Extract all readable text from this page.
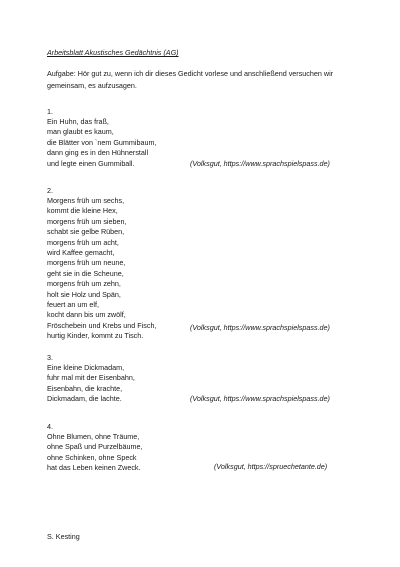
Arbeitsblatt Akustisches Gedächtnis (AG)
Aufgabe: Hör gut zu, wenn ich dir dieses Gedicht vorlese und anschließend versuchen wir gemeinsam, es aufzusagen.
1.
Ein Huhn, das fraß,
man glaubt es kaum,
die Blätter von `nem Gummibaum,
dann ging es in den Hühnerstall
und legte einen Gummiball.	(Volksgut, https://www.sprachspielspass.de)
2.
Morgens früh um sechs,
kommt die kleine Hex,
morgens früh um sieben,
schabt sie gelbe Rüben,
morgens früh um acht,
wird Kaffee gemacht,
morgens früh um neune,
geht sie in die Scheune,
morgens früh um zehn,
holt sie Holz und Spän,
feuert an um elf,
kocht dann bis um zwölf,
Fröschebein und Krebs und Fisch,
hurtig Kinder, kommt zu Tisch.
(Volksgut, https://www.sprachspielspass.de)
3.
Eine kleine Dickmadam,
fuhr mal mit der Eisenbahn,
Eisenbahn, die krachte,
Dickmadam, die lachte.	(Volksgut, https://www.sprachspielspass.de)
4.
Ohne Blumen, ohne Träume,
ohne Spaß und Purzelbäume,
ohne Schinken, ohne Speck
hat das Leben keinen Zweck.	(Volksgut, https://spruechetante.de)
S. Kesting
